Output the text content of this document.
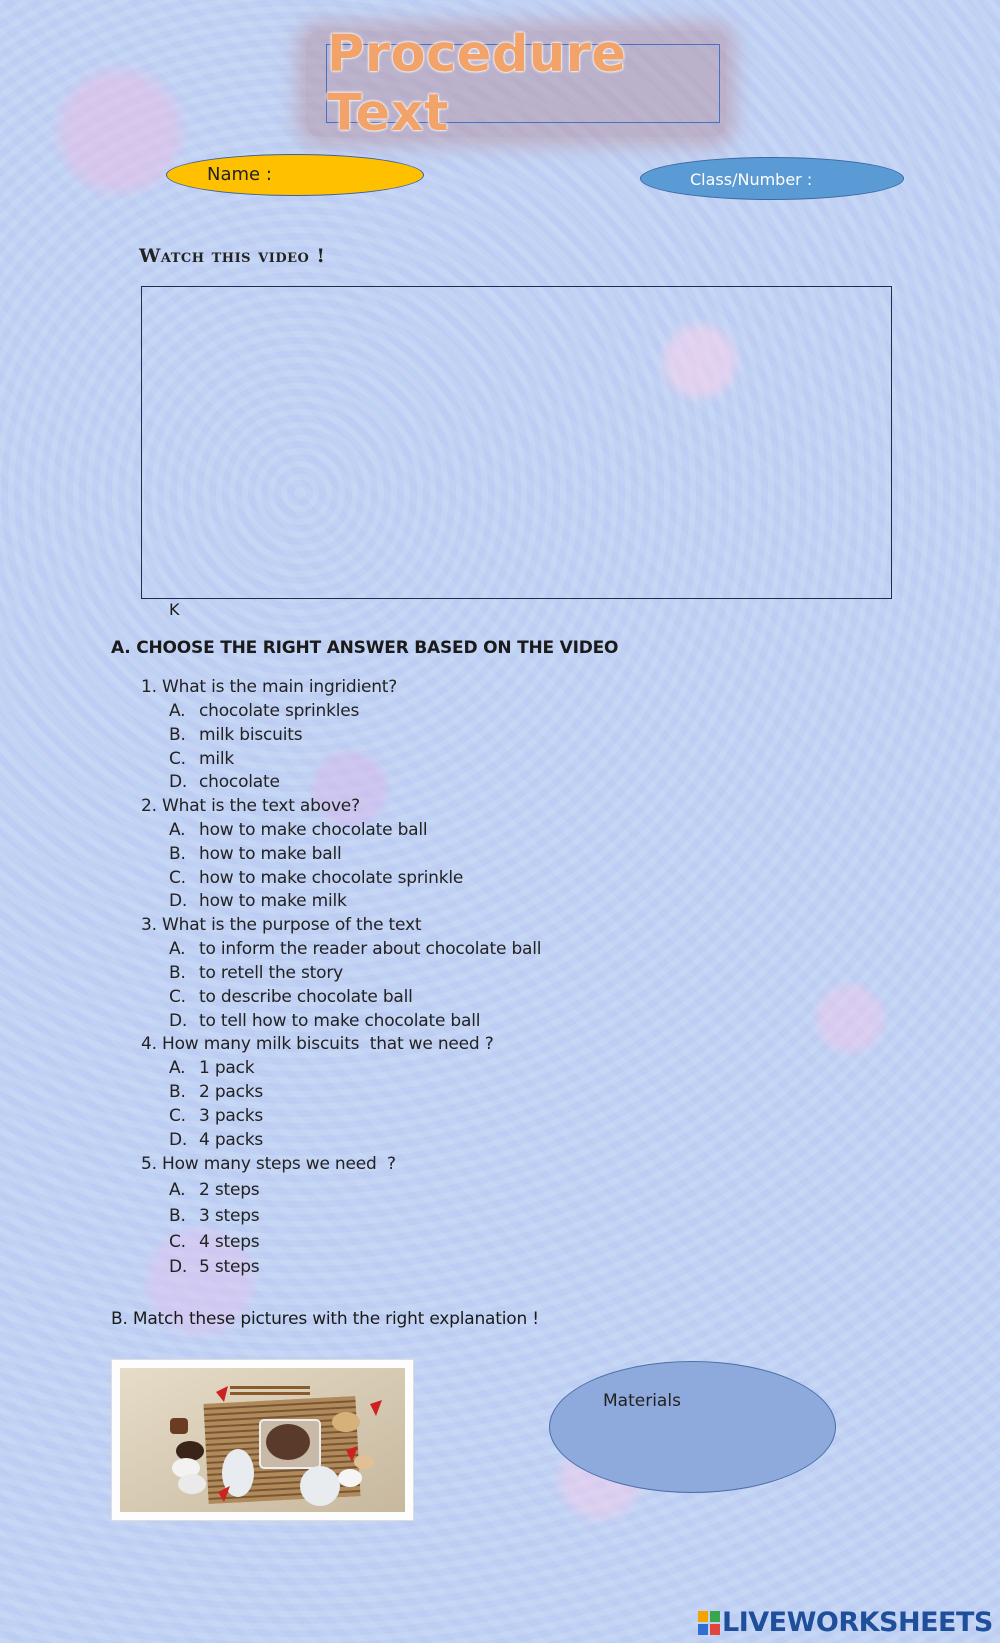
Procedure Text
Name :	Class/Number :
Watch this video !
K
A. CHOOSE THE RIGHT ANSWER BASED ON THE VIDEO
1. What is the main ingridient?
A. chocolate sprinkles
B. milk biscuits
C. milk
D. chocolate
2. What is the text above?
A. how to make chocolate ball
B. how to make ball
C. how to make chocolate sprinkle
D. how to make milk
3. What is the purpose of the text
A. to inform the reader about chocolate ball
B. to retell the story
C. to describe chocolate ball
D. to tell how to make chocolate ball
4. How many milk biscuits  that we need ?
A. 1 pack
B. 2 packs
C. 3 packs
D. 4 packs
5. How many steps we need  ?
A. 2 steps
B. 3 steps
C. 4 steps
D. 5 steps
B. Match these pictures with the right explanation !
Materials
LIVEWORKSHEETS
